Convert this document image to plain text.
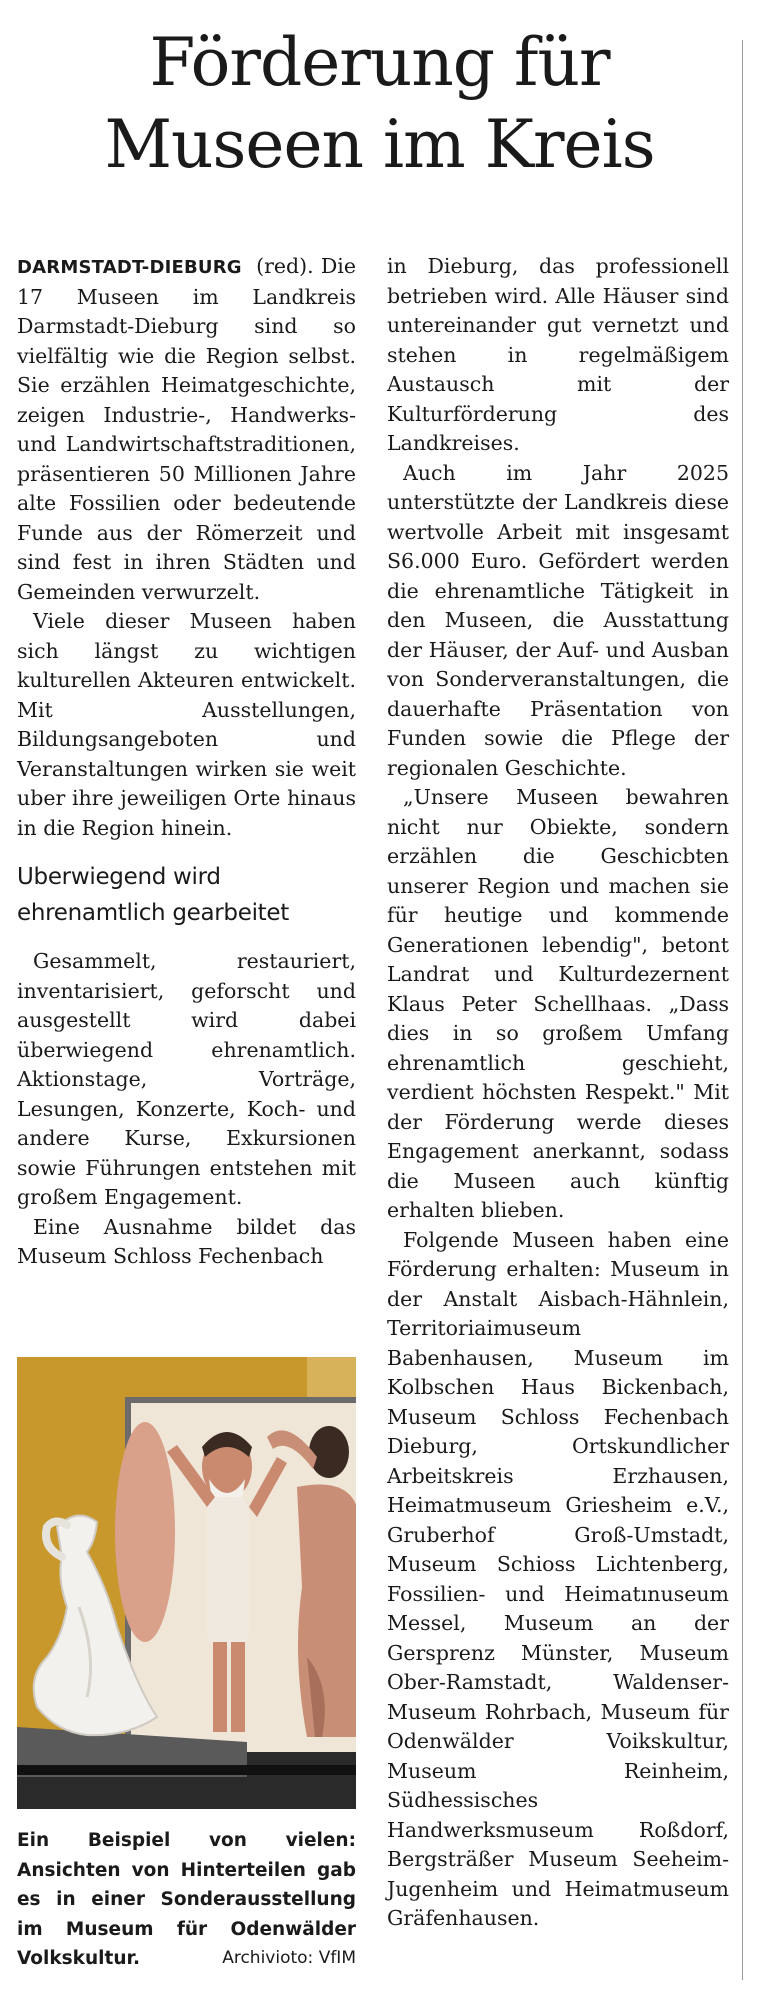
Förderung für
Museen im Kreis

DARMSTADT-DIEBURG (red). Die 17 Museen im Landkreis Darmstadt-Dieburg sind so vielfältig wie die Region selbst. Sie erzählen Heimatgeschichte, zeigen Industrie-, Handwerks- und Landwirtschaftstraditionen, präsentieren 50 Millionen Jahre alte Fossilien oder bedeutende Funde aus der Römerzeit und sind fest in ihren Städten und Gemeinden verwurzelt.

Viele dieser Museen haben sich längst zu wichtigen kulturellen Akteuren entwickelt. Mit Ausstellungen, Bildungsangeboten und Veranstaltungen wirken sie weit uber ihre jeweiligen Orte hinaus in die Region hinein.

Uberwiegend wird ehrenamtlich gearbeitet

Gesammelt, restauriert, inventarisiert, geforscht und ausgestellt wird dabei überwiegend ehrenamtlich. Aktionstage, Vorträge, Lesungen, Konzerte, Koch- und andere Kurse, Exkursionen sowie Führungen entstehen mit großem Engagement.

Eine Ausnahme bildet das Museum Schloss Fechenbach

Ein Beispiel von vielen: Ansichten von Hinterteilen gab es in einer Sonderausstellung im Museum für Odenwälder Volkskultur.	Archivioto: VfIM

in Dieburg, das professionell betrieben wird. Alle Häuser sind untereinander gut vernetzt und stehen in regelmäßigem Austausch mit der Kulturförderung des Landkreises.

Auch im Jahr 2025 unterstützte der Landkreis diese wertvolle Arbeit mit insgesamt S6.000 Euro. Gefördert werden die ehrenamtliche Tätigkeit in den Museen, die Ausstattung der Häuser, der Auf- und Ausban von Sonderveranstaltungen, die dauerhafte Präsentation von Funden sowie die Pflege der regionalen Geschichte.

„Unsere Museen bewahren nicht nur Obiekte, sondern erzählen die Geschicbten unserer Region und machen sie für heutige und kommende Generationen lebendig", betont Landrat und Kulturdezernent Klaus Peter Schellhaas. „Dass dies in so großem Umfang ehrenamtlich geschieht, verdient höchsten Respekt." Mit der Förderung werde dieses Engagement anerkannt, sodass die Museen auch künftig erhalten blieben.

Folgende Museen haben eine Förderung erhalten: Museum in der Anstalt Aisbach-Hähnlein, Territoriaimuseum Babenhausen, Museum im Kolbschen Haus Bickenbach, Museum Schloss Fechenbach Dieburg, Ortskundlicher Arbeitskreis Erzhausen, Heimatmuseum Griesheim e.V., Gruberhof Groß-Umstadt, Museum Schioss Lichtenberg, Fossilien- und Heimatınuseum Messel, Museum an der Gersprenz Münster, Museum Ober-Ramstadt, Waldenser-Museum Rohrbach, Museum für Odenwälder Voikskultur, Museum Reinheim, Südhessisches Handwerksmuseum Roßdorf, Bergsträßer Museum Seeheim-Jugenheim und Heimatmuseum Gräfenhausen.
